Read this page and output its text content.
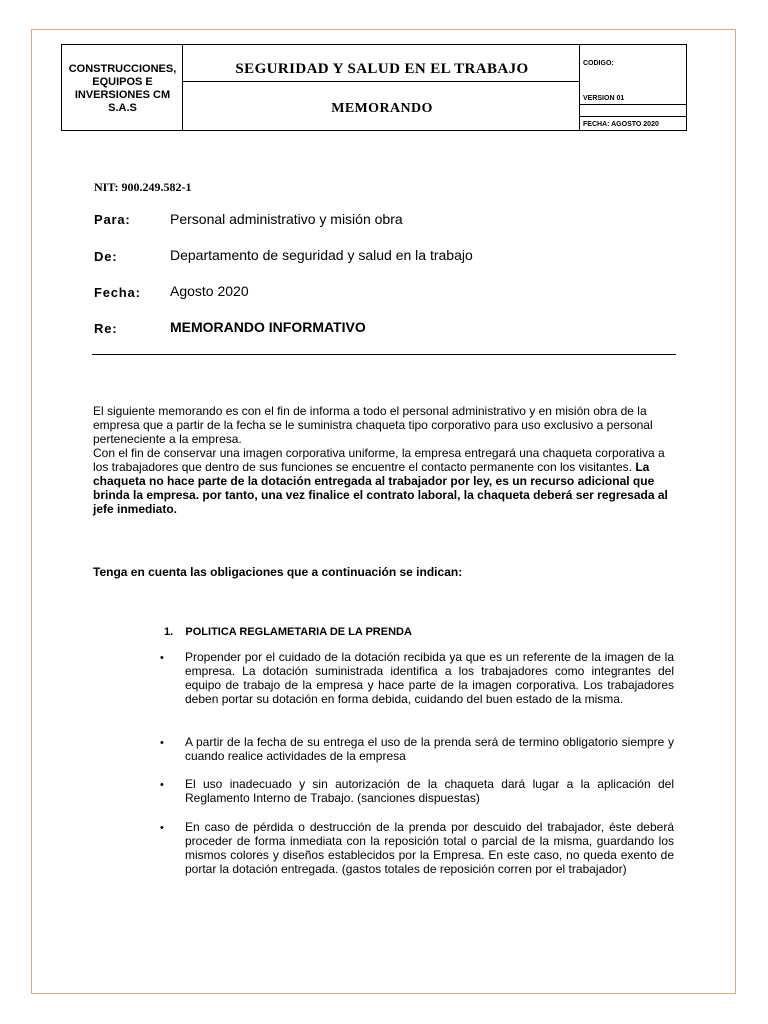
CONSTRUCCIONES,
EQUIPOS E
INVERSIONES CM
S.A.S
SEGURIDAD Y SALUD EN EL TRABAJO
MEMORANDO
CODIGO:
VERSION 01
FECHA: AGOSTO 2020
NIT: 900.249.582-1
Para:	Personal administrativo y misión obra
De:	Departamento de seguridad y salud en la trabajo
Fecha: Agosto 2020
Re:	MEMORANDO INFORMATIVO

El siguiente memorando es con el fin de informa a todo el personal administrativo y en misión obra de la empresa que a partir de la fecha se le suministra chaqueta tipo corporativo para uso exclusivo a personal perteneciente a la empresa.

Con el fin de conservar una imagen corporativa uniforme, la empresa entregará una chaqueta corporativa a los trabajadores que dentro de sus funciones se encuentre el contacto permanente con los visitantes. La chaqueta no hace parte de la dotación entregada al trabajador por ley, es un recurso adicional que brinda la empresa. por tanto, una vez finalice el contrato laboral, la chaqueta deberá ser regresada al jefe inmediato.

Tenga en cuenta las obligaciones que a continuación se indican:
1.    POLITICA REGLAMETARIA DE LA PRENDA
• Propender por el cuidado de la dotación recibida ya que es un referente de la imagen de la empresa. La dotación suministrada identifica a los trabajadores como integrantes del equipo de trabajo de la empresa y hace parte de la imagen corporativa. Los trabajadores deben portar su dotación en forma debida, cuidando del buen estado de la misma.
• A partir de la fecha de su entrega el uso de la prenda será de termino obligatorio siempre y cuando realice actividades de la empresa
• El uso inadecuado y sin autorización de la chaqueta dará lugar a la aplicación del Reglamento Interno de Trabajo. (sanciones dispuestas)
• En caso de pérdida o destrucción de la prenda por descuido del trabajador, éste deberá proceder de forma inmediata con la reposición total o parcial de la misma, guardando los mismos colores y diseños establecidos por la Empresa. En este caso, no queda exento de portar la dotación entregada. (gastos totales de reposición corren por el trabajador)
